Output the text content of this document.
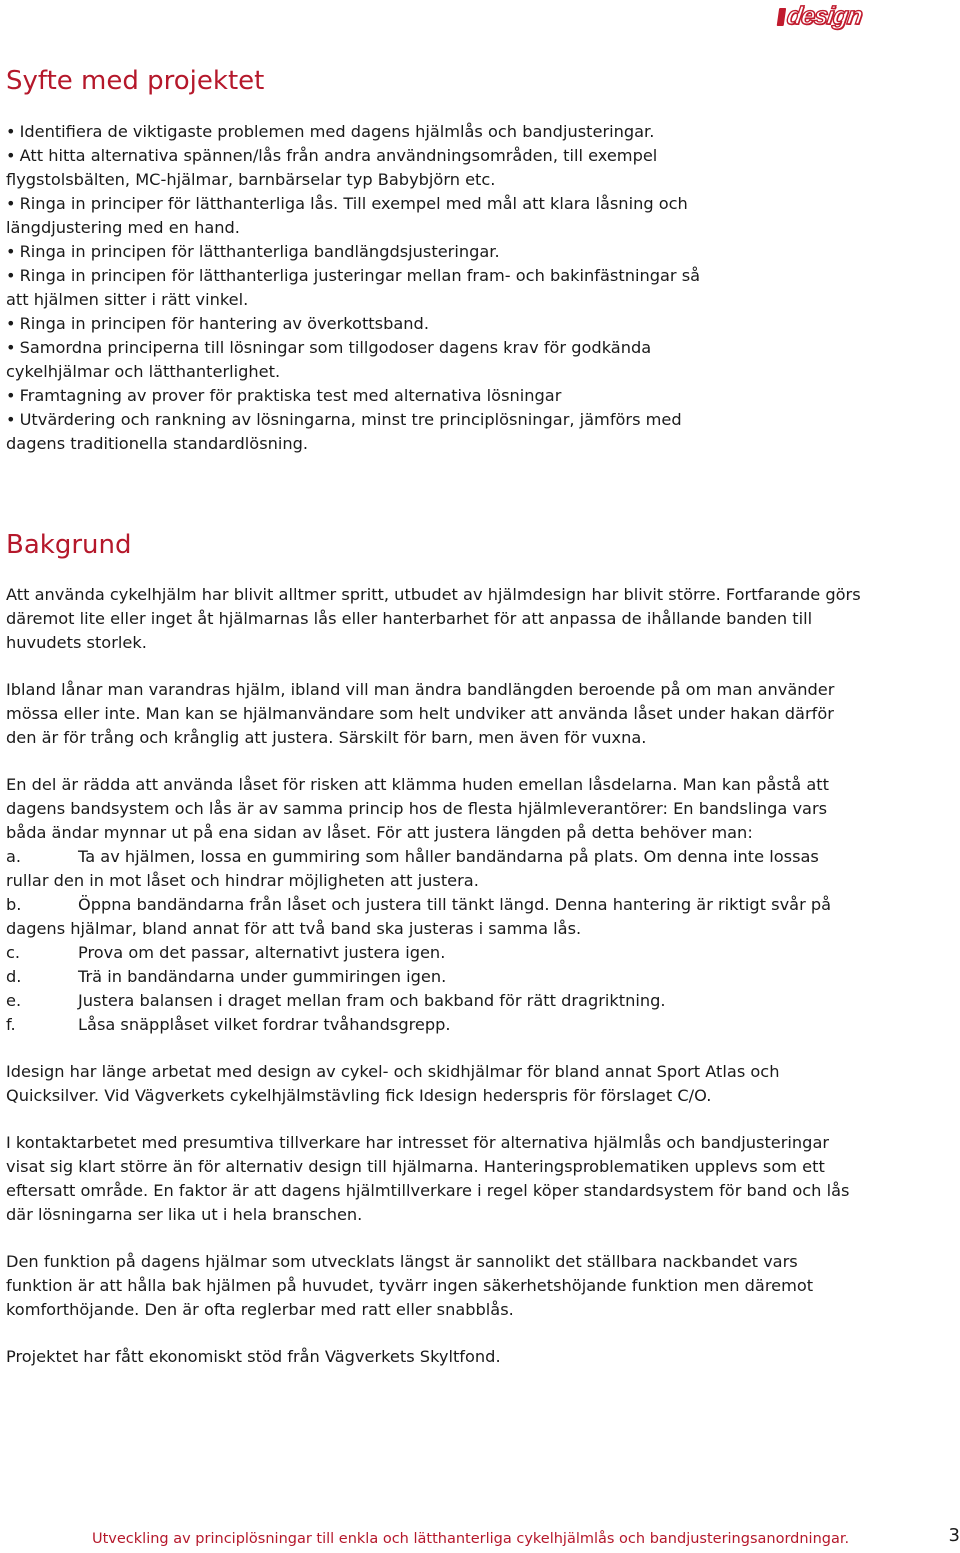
design
Syfte med projektet
• Identifiera de viktigaste problemen med dagens hjälmlås och bandjusteringar.
• Att hitta alternativa spännen/lås från andra användningsområden, till exempel flygstolsbälten, MC-hjälmar, barnbärselar typ Babybjörn etc.
• Ringa in principer för lätthanterliga lås. Till exempel med mål att klara låsning och längdjustering med en hand.
• Ringa in principen för lätthanterliga bandlängdsjusteringar.
• Ringa in principen för lätthanterliga justeringar mellan fram- och bakinfästningar så att hjälmen sitter i rätt vinkel.
• Ringa in principen för hantering av överkottsband.
• Samordna principerna till lösningar som tillgodoser dagens krav för godkända cykelhjälmar och lätthanterlighet.
• Framtagning av prover för praktiska test med alternativa lösningar
• Utvärdering och rankning av lösningarna, minst tre principlösningar, jämförs med dagens traditionella standardlösning.
Bakgrund

Att använda cykelhjälm har blivit alltmer spritt, utbudet av hjälmdesign har blivit större. Fortfarande görs däremot lite eller inget åt hjälmarnas lås eller hanterbarhet för att anpassa de ihållande banden till huvudets storlek.

Ibland lånar man varandras hjälm, ibland vill man ändra bandlängden beroende på om man använder mössa eller inte. Man kan se hjälmanvändare som helt undviker att använda låset under hakan därför den är för trång och krånglig att justera. Särskilt för barn, men även för vuxna.

En del är rädda att använda låset för risken att klämma huden emellan låsdelarna. Man kan påstå att dagens bandsystem och lås är av samma princip hos de flesta hjälmleverantörer: En bandslinga vars båda ändar mynnar ut på ena sidan av låset. För att justera längden på detta behöver man:

a.	Ta av hjälmen, lossa en gummiring som håller bandändarna på plats. Om denna inte lossas rullar den in mot låset och hindrar möjligheten att justera.
b.	Öppna bandändarna från låset och justera till tänkt längd. Denna hantering är riktigt svår på dagens hjälmar, bland annat för att två band ska justeras i samma lås.
c.	Prova om det passar, alternativt justera igen.
d.	Trä in bandändarna under gummiringen igen.
e.	Justera balansen i draget mellan fram och bakband för rätt dragriktning.
f.	Låsa snäpplåset vilket fordrar tvåhandsgrepp.

Idesign har länge arbetat med design av cykel- och skidhjälmar för bland annat Sport Atlas och Quicksilver. Vid Vägverkets cykelhjälmstävling fick Idesign hederspris för förslaget C/O.

I kontaktarbetet med presumtiva tillverkare har intresset för alternativa hjälmlås och bandjusteringar visat sig klart större än för alternativ design till hjälmarna. Hanteringsproblematiken upplevs som ett eftersatt område. En faktor är att dagens hjälmtillverkare i regel köper standardsystem för band och lås där lösningarna ser lika ut i hela branschen.

Den funktion på dagens hjälmar som utvecklats längst är sannolikt det ställbara nackbandet vars funktion är att hålla bak hjälmen på huvudet, tyvärr ingen säkerhetshöjande funktion men däremot komforthöjande. Den är ofta reglerbar med ratt eller snabblås.

Projektet har fått ekonomiskt stöd från Vägverkets Skyltfond.

Utveckling av principlösningar till enkla och lätthanterliga cykelhjälmlås och bandjusteringsanordningar.	3
